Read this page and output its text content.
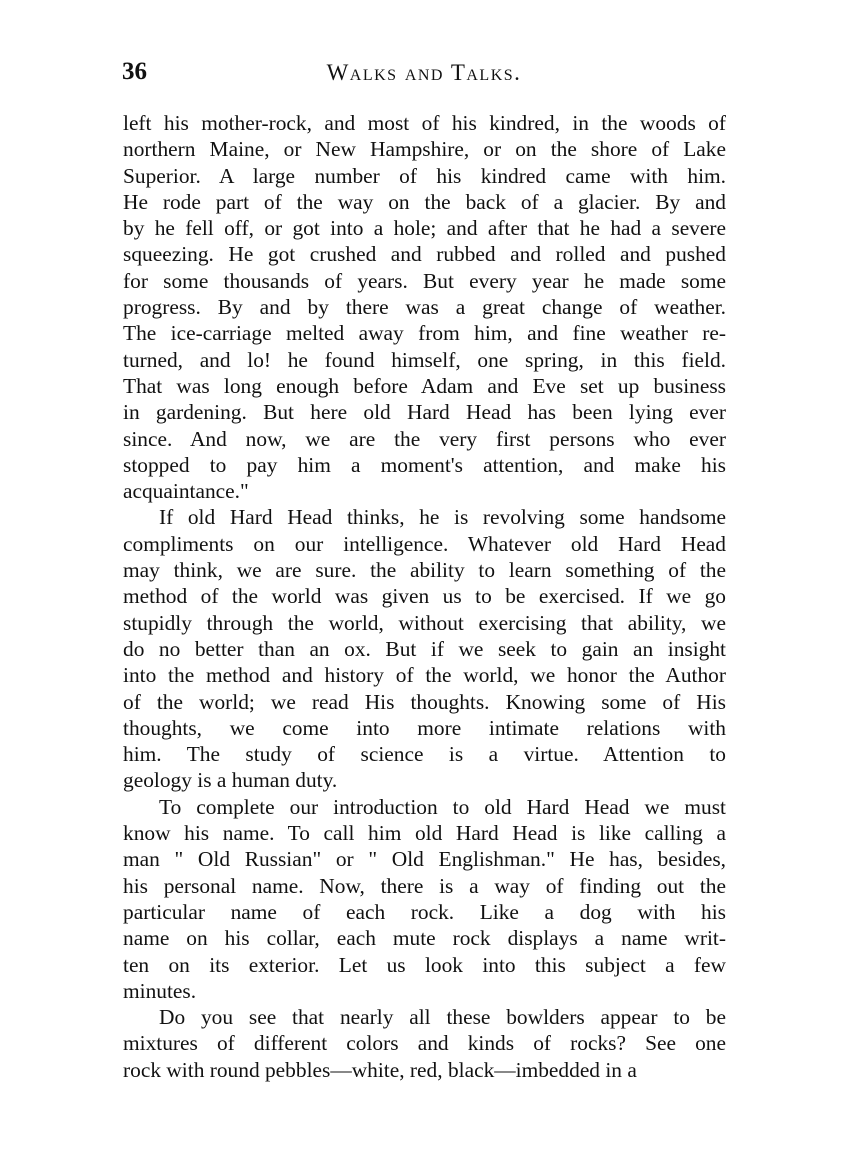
36	Walks and Talks.
left his mother-rock, and most of his kindred, in the woods of
northern Maine, or New Hampshire, or on the shore of Lake
Superior. A large number of his kindred came with him.
He rode part of the way on the back of a glacier. By and
by he fell off, or got into a hole; and after that he had a severe
squeezing. He got crushed and rubbed and rolled and pushed
for some thousands of years. But every year he made some
progress. By and by there was a great change of weather.
The ice-carriage melted away from him, and fine weather re-
turned, and lo! he found himself, one spring, in this field.
That was long enough before Adam and Eve set up business
in gardening. But here old Hard Head has been lying ever
since. And now, we are the very first persons who ever
stopped to pay him a moment's attention, and make his
acquaintance."
If old Hard Head thinks, he is revolving some handsome
compliments on our intelligence. Whatever old Hard Head
may think, we are sure. the ability to learn something of the
method of the world was given us to be exercised. If we go
stupidly through the world, without exercising that ability, we
do no better than an ox. But if we seek to gain an insight
into the method and history of the world, we honor the Author
of the world; we read His thoughts. Knowing some of His
thoughts, we come into more intimate relations with
him. The study of science is a virtue. Attention to
geology is a human duty.
To complete our introduction to old Hard Head we must
know his name. To call him old Hard Head is like calling a
man " Old Russian" or " Old Englishman." He has, besides,
his personal name. Now, there is a way of finding out the
particular name of each rock. Like a dog with his
name on his collar, each mute rock displays a name writ-
ten on its exterior. Let us look into this subject a few
minutes.
Do you see that nearly all these bowlders appear to be
mixtures of different colors and kinds of rocks? See one
rock with round pebbles—white, red, black—imbedded in a
